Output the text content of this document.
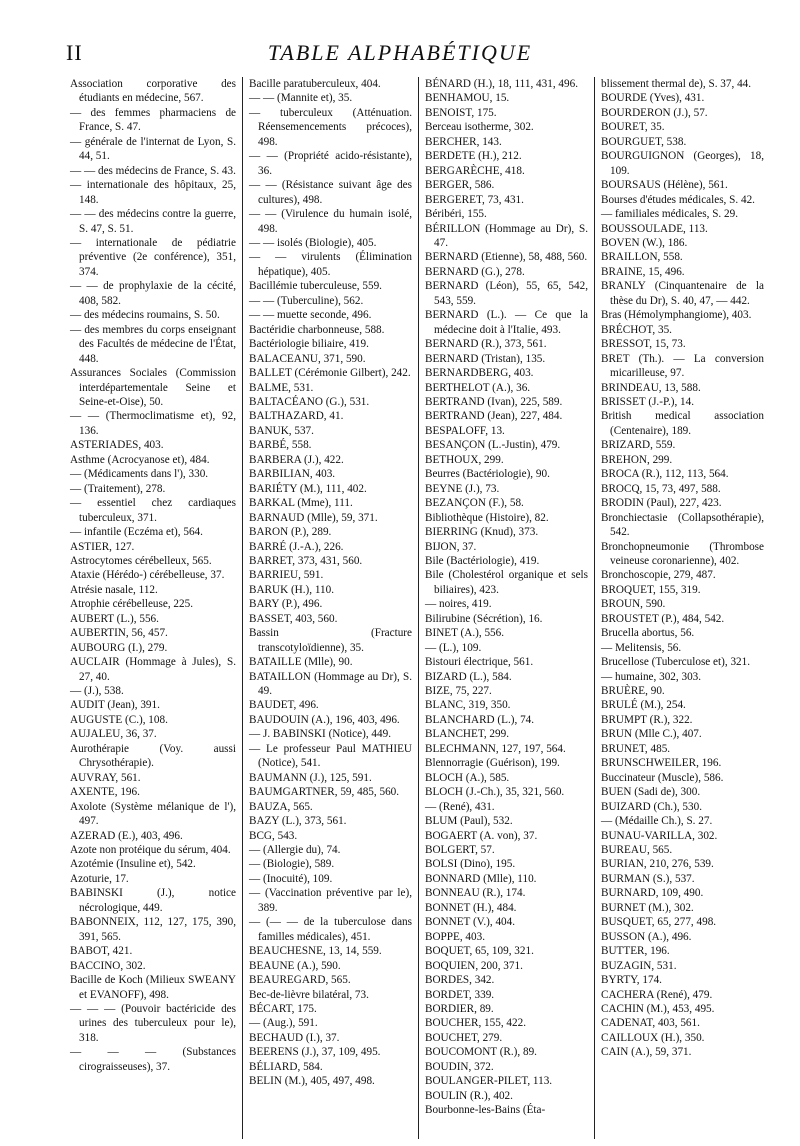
II	TABLE ALPHABÉTIQUE
Association corporative des étudiants en médecine, 567.
— des femmes pharmaciens de France, S. 47.
— générale de l'internat de Lyon, S. 44, 51.
— — des médecins de France, S. 43.
— internationale des hôpitaux, 25, 148.
— — des médecins contre la guerre, S. 47, S. 51.
— internationale de pédiatrie préventive (2e conférence), 351, 374.
— — de prophylaxie de la cécité, 408, 582.
— des médecins roumains, S. 50.
— des membres du corps enseignant des Facultés de médecine de l'État, 448.
Assurances Sociales (Commission interdépartementale Seine et Seine-et-Oise), 50.
— — (Thermoclimatisme et), 92, 136.
ASTERIADES, 403.
Asthme (Acrocyanose et), 484.
— (Médicaments dans l'), 330.
— (Traitement), 278.
— essentiel chez cardiaques tuberculeux, 371.
— infantile (Eczéma et), 564.
ASTIER, 127.
Astrocytomes cérébelleux, 565.
Ataxie (Hérédo-) cérébelleuse, 37.
Atrésie nasale, 112.
Atrophie cérébelleuse, 225.
AUBERT (L.), 556.
AUBERTIN, 56, 457.
AUBOURG (I.), 279.
AUCLAIR (Hommage à Jules), S. 27, 40.
— (J.), 538.
AUDIT (Jean), 391.
AUGUSTE (C.), 108.
AUJALEU, 36, 37.
Aurothérapie (Voy. aussi Chrysothérapie).
AUVRAY, 561.
AXENTE, 196.
Axolote (Système mélanique de l'), 497.
AZERAD (E.), 403, 496.
Azote non protéique du sérum, 404.
Azotémie (Insuline et), 542.
Azoturie, 17.
BABINSKI (J.), notice nécrologique, 449.
BABONNEIX, 112, 127, 175, 390, 391, 565.
BABOT, 421.
BACCINO, 302.
Bacille de Koch (Milieux SWEANY et EVANOFF), 498.
— — — (Pouvoir bactéricide des urines des tuberculeux pour le), 318.
— — — (Substances cirograisseuses), 37.
Bacille paratuberculeux, 404.
— — (Mannite et), 35.
— tuberculeux (Atténuation. Réensemencements précoces), 498.
— — (Propriété acido-résistante), 36.
— — (Résistance suivant âge des cultures), 498.
— — (Virulence du humain isolé, 498.
— — isolés (Biologie), 405.
— — virulents (Élimination hépatique), 405.
Bacillémie tuberculeuse, 559.
— — (Tuberculine), 562.
— — muette seconde, 496.
Bactéridie charbonneuse, 588.
Bactériologie biliaire, 419.
BALACEANU, 371, 590.
BALLET (Cérémonie Gilbert), 242.
BALME, 531.
BALTACÉANO (G.), 531.
BALTHAZARD, 41.
BANUK, 537.
BARBÉ, 558.
BARBERA (J.), 422.
BARBILIAN, 403.
BARIÉTY (M.), 111, 402.
BARKAL (Mme), 111.
BARNAUD (Mlle), 59, 371.
BARON (P.), 289.
BARRÉ (J.-A.), 226.
BARRET, 373, 431, 560.
BARRIEU, 591.
BARUK (H.), 110.
BARY (P.), 496.
BASSET, 403, 560.
Bassin (Fracture transcotyloïdienne), 35.
BATAILLE (Mlle), 90.
BATAILLON (Hommage au Dr), S. 49.
BAUDET, 496.
BAUDOUIN (A.), 196, 403, 496.
— J. BABINSKI (Notice), 449.
— Le professeur Paul MATHIEU (Notice), 541.
BAUMANN (J.), 125, 591.
BAUMGARTNER, 59, 485, 560.
BAUZA, 565.
BAZY (L.), 373, 561.
BCG, 543.
— (Allergie du), 74.
— (Biologie), 589.
— (Inocuité), 109.
— (Vaccination préventive par le), 389.
— (— — de la tuberculose dans familles médicales), 451.
BEAUCHESNE, 13, 14, 559.
BEAUNE (A.), 590.
BEAUREGARD, 565.
Bec-de-lièvre bilatéral, 73.
BÉCART, 175.
— (Aug.), 591.
BECHAUD (I.), 37.
BEERENS (J.), 37, 109, 495.
BÉLIARD, 584.
BELIN (M.), 405, 497, 498.
BÉNARD (H.), 18, 111, 431, 496.
BENHAMOU, 15.
BENOIST, 175.
Berceau isotherme, 302.
BERCHER, 143.
BERDETE (H.), 212.
BERGARÈCHE, 418.
BERGER, 586.
BERGERET, 73, 431.
Béribéri, 155.
BÉRILLON (Hommage au Dr), S. 47.
BERNARD (Etienne), 58, 488, 560.
BERNARD (G.), 278.
BERNARD (Léon), 55, 65, 542, 543, 559.
BERNARD (L.). — Ce que la médecine doit à l'Italie, 493.
BERNARD (R.), 373, 561.
BERNARD (Tristan), 135.
BERNARDBERG, 403.
BERTHELOT (A.), 36.
BERTRAND (Ivan), 225, 589.
BERTRAND (Jean), 227, 484.
BESPALOFF, 13.
BESANÇON (L.-Justin), 479.
BETHOUX, 299.
Beurres (Bactériologie), 90.
BEYNE (J.), 73.
BEZANÇON (F.), 58.
Bibliothèque (Histoire), 82.
BIERRING (Knud), 373.
BIJON, 37.
Bile (Bactériologie), 419.
Bile (Cholestérol organique et sels biliaires), 423.
— noires, 419.
Bilirubine (Sécrétion), 16.
BINET (A.), 556.
— (L.), 109.
Bistouri électrique, 561.
BIZARD (L.), 584.
BIZE, 75, 227.
BLANC, 319, 350.
BLANCHARD (L.), 74.
BLANCHET, 299.
BLECHMANN, 127, 197, 564.
Blennorragie (Guérison), 199.
BLOCH (A.), 585.
BLOCH (J.-Ch.), 35, 321, 560.
— (René), 431.
BLUM (Paul), 532.
BOGAERT (A. von), 37.
BOLGERT, 57.
BOLSI (Dino), 195.
BONNARD (Mlle), 110.
BONNEAU (R.), 174.
BONNET (H.), 484.
BONNET (V.), 404.
BOPPE, 403.
BOQUET, 65, 109, 321.
BOQUIEN, 200, 371.
BORDES, 342.
BORDET, 339.
BORDIER, 89.
BOUCHER, 155, 422.
BOUCHET, 279.
BOUCOMONT (R.), 89.
BOUDIN, 372.
BOULANGER-PILET, 113.
BOULIN (R.), 402.
Bourbonne-les-Bains (Éta-
blissement thermal de), S. 37, 44.
BOURDE (Yves), 431.
BOURDERON (J.), 57.
BOURET, 35.
BOURGUET, 538.
BOURGUIGNON (Georges), 18, 109.
BOURSAUS (Hélène), 561.
Bourses d'études médicales, S. 42.
— familiales médicales, S. 29.
BOUSSOULADE, 113.
BOVEN (W.), 186.
BRAILLON, 558.
BRAINE, 15, 496.
BRANLY (Cinquantenaire de la thèse du Dr), S. 40, 47, — 442.
Bras (Hémolymphangiome), 403.
BRÉCHOT, 35.
BRESSOT, 15, 73.
BRET (Th.). — La conversion micarilleuse, 97.
BRINDEAU, 13, 588.
BRISSET (J.-P.), 14.
British medical association (Centenaire), 189.
BRIZARD, 559.
BREHON, 299.
BROCA (R.), 112, 113, 564.
BROCQ, 15, 73, 497, 588.
BRODIN (Paul), 227, 423.
Bronchiectasie (Collapsothérapie), 542.
Bronchopneumonie (Thrombose veineuse coronarienne), 402.
Bronchoscopie, 279, 487.
BROQUET, 155, 319.
BROUN, 590.
BROUSTET (P.), 484, 542.
Brucella abortus, 56.
— Melitensis, 56.
Brucellose (Tuberculose et), 321.
— humaine, 302, 303.
BRUÈRE, 90.
BRULÉ (M.), 254.
BRUMPT (R.), 322.
BRUN (Mlle C.), 407.
BRUNET, 485.
BRUNSCHWEILER, 196.
Buccinateur (Muscle), 586.
BUEN (Sadi de), 300.
BUIZARD (Ch.), 530.
— (Médaille Ch.), S. 27.
BUNAU-VARILLA, 302.
BUREAU, 565.
BURIAN, 210, 276, 539.
BURMAN (S.), 537.
BURNARD, 109, 490.
BURNET (M.), 302.
BUSQUET, 65, 277, 498.
BUSSON (A.), 496.
BUTTER, 196.
BUZAGIN, 531.
BYRTY, 174.
CACHERA (René), 479.
CACHIN (M.), 453, 495.
CADENAT, 403, 561.
CAILLOUX (H.), 350.
CAIN (A.), 59, 371.
